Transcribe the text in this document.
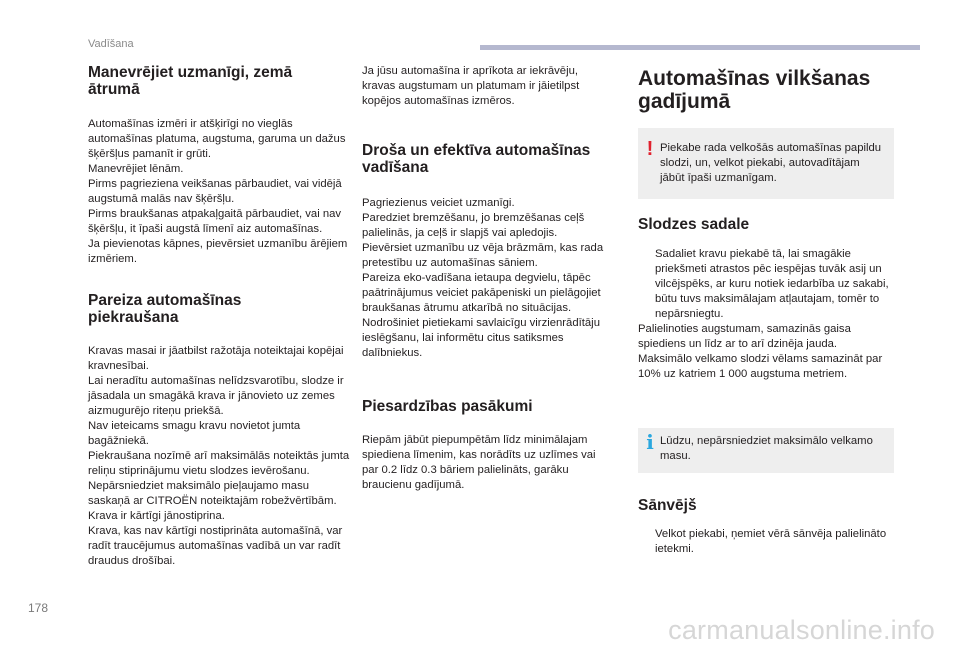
Vadīšana
Manevrējiet uzmanīgi, zemā ātrumā

Automašīnas izmēri ir atšķirīgi no vieglās automašīnas platuma, augstuma, garuma un dažus šķēršļus pamanīt ir grūti.
Manevrējiet lēnām.
Pirms pagrieziena veikšanas pārbaudiet, vai vidējā augstumā malās nav šķēršļu.
Pirms braukšanas atpakaļgaitā pārbaudiet, vai nav šķēršļu, it īpaši augstā līmenī aiz automašīnas.
Ja pievienotas kāpnes, pievērsiet uzmanību ārējiem izmēriem.

Pareiza automašīnas piekraušana

Kravas masai ir jāatbilst ražotāja noteiktajai kopējai kravnesībai.
Lai neradītu automašīnas nelīdzsvarotību, slodze ir jāsadala un smagākā krava ir jānovieto uz zemes aizmugurējo riteņu priekšā.
Nav ieteicams smagu kravu novietot jumta bagāžniekā.
Piekraušana nozīmē arī maksimālās noteiktās jumta reliņu stiprinājumu vietu slodzes ievērošanu. Nepārsniedziet maksimālo pieļaujamo masu saskaņā ar CITROËN noteiktajām robežvērtībām.
Krava ir kārtīgi jānostiprina.
Krava, kas nav kārtīgi nostiprināta automašīnā, var radīt traucējumus automašīnas vadībā un var radīt draudus drošībai.

Ja jūsu automašīna ir aprīkota ar iekrāvēju, kravas augstumam un platumam ir jāietilpst kopējos automašīnas izmēros.

Droša un efektīva automašīnas vadīšana

Pagriezienus veiciet uzmanīgi.
Paredziet bremzēšanu, jo bremzēšanas ceļš palielinās, ja ceļš ir slapjš vai apledojis.
Pievērsiet uzmanību uz vēja brāzmām, kas rada pretestību uz automašīnas sāniem.
Pareiza eko-vadīšana ietaupa degvielu, tāpēc paātrinājumus veiciet pakāpeniski un pielāgojiet braukšanas ātrumu atkarībā no situācijas.
Nodrošiniet pietiekami savlaicīgu virzienrādītāju ieslēgšanu, lai informētu citus satiksmes dalībniekus.

Piesardzības pasākumi

Riepām jābūt piepumpētām līdz minimālajam spiediena līmenim, kas norādīts uz uzlīmes vai par 0.2 līdz 0.3 bāriem palielināts, garāku braucienu gadījumā.

Automašīnas vilkšanas gadījumā
! Piekabe rada velkošās automašīnas papildu slodzi, un, velkot piekabi, autovadītājam jābūt īpaši uzmanīgam.

Slodzes sadale

Sadaliet kravu piekabē tā, lai smagākie priekšmeti atrastos pēc iespējas tuvāk asij un vilcējspēks, ar kuru notiek iedarbība uz sakabi, būtu tuvs maksimālajam atļautajam, tomēr to nepārsniegtu.

Palielinoties augstumam, samazinās gaisa spiediens un līdz ar to arī dzinēja jauda. Maksimālo velkamo slodzi vēlams samazināt par 10% uz katriem 1 000 augstuma metriem.

i Lūdzu, nepārsniedziet maksimālo velkamo masu.

Sānvējš

Velkot piekabi, ņemiet vērā sānvēja palielināto ietekmi.

178
carmanualsonline.info
